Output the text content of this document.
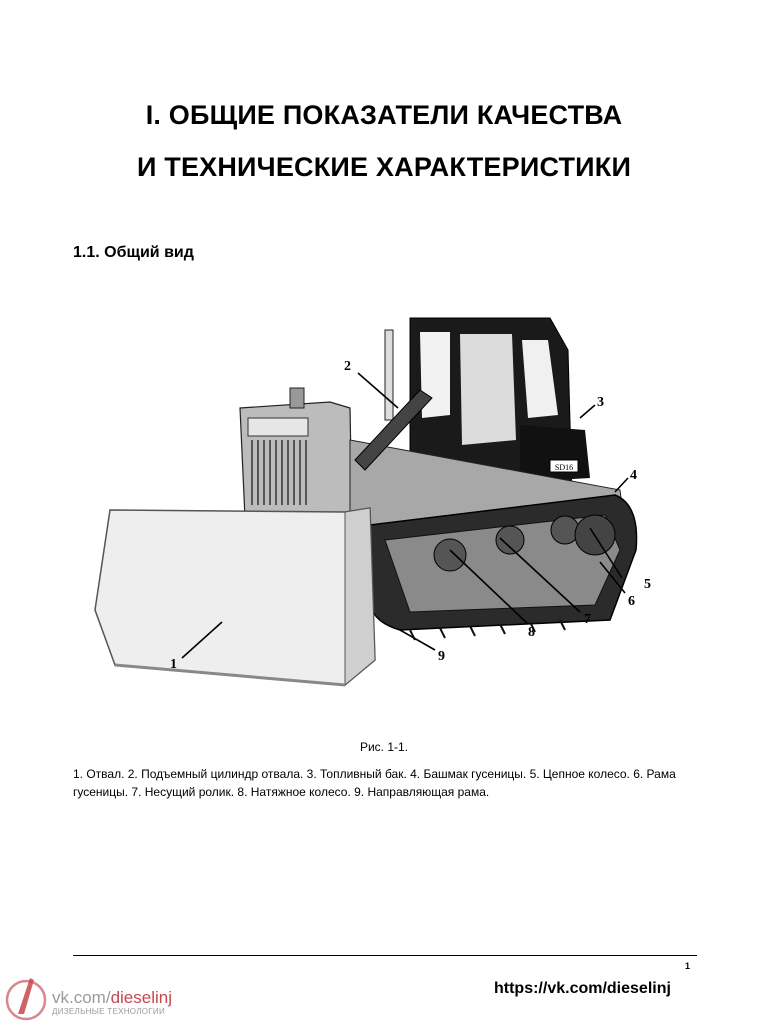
I. ОБЩИЕ ПОКАЗАТЕЛИ КАЧЕСТВА
И ТЕХНИЧЕСКИЕ ХАРАКТЕРИСТИКИ
1.1. Общий вид
SD16
1
2
3
4
5
6
7
8
9
Рис. 1-1.
1. Отвал. 2. Подъемный цилиндр отвала. 3. Топливный бак. 4. Башмак гусеницы. 5. Цепное колесо. 6. Рама гусеницы. 7. Несущий ролик. 8. Натяжное колесо. 9. Направляющая рама.
1
https://vk.com/dieselinj
vk.com/dieselinj
ДИЗЕЛЬНЫЕ ТЕХНОЛОГИИ
